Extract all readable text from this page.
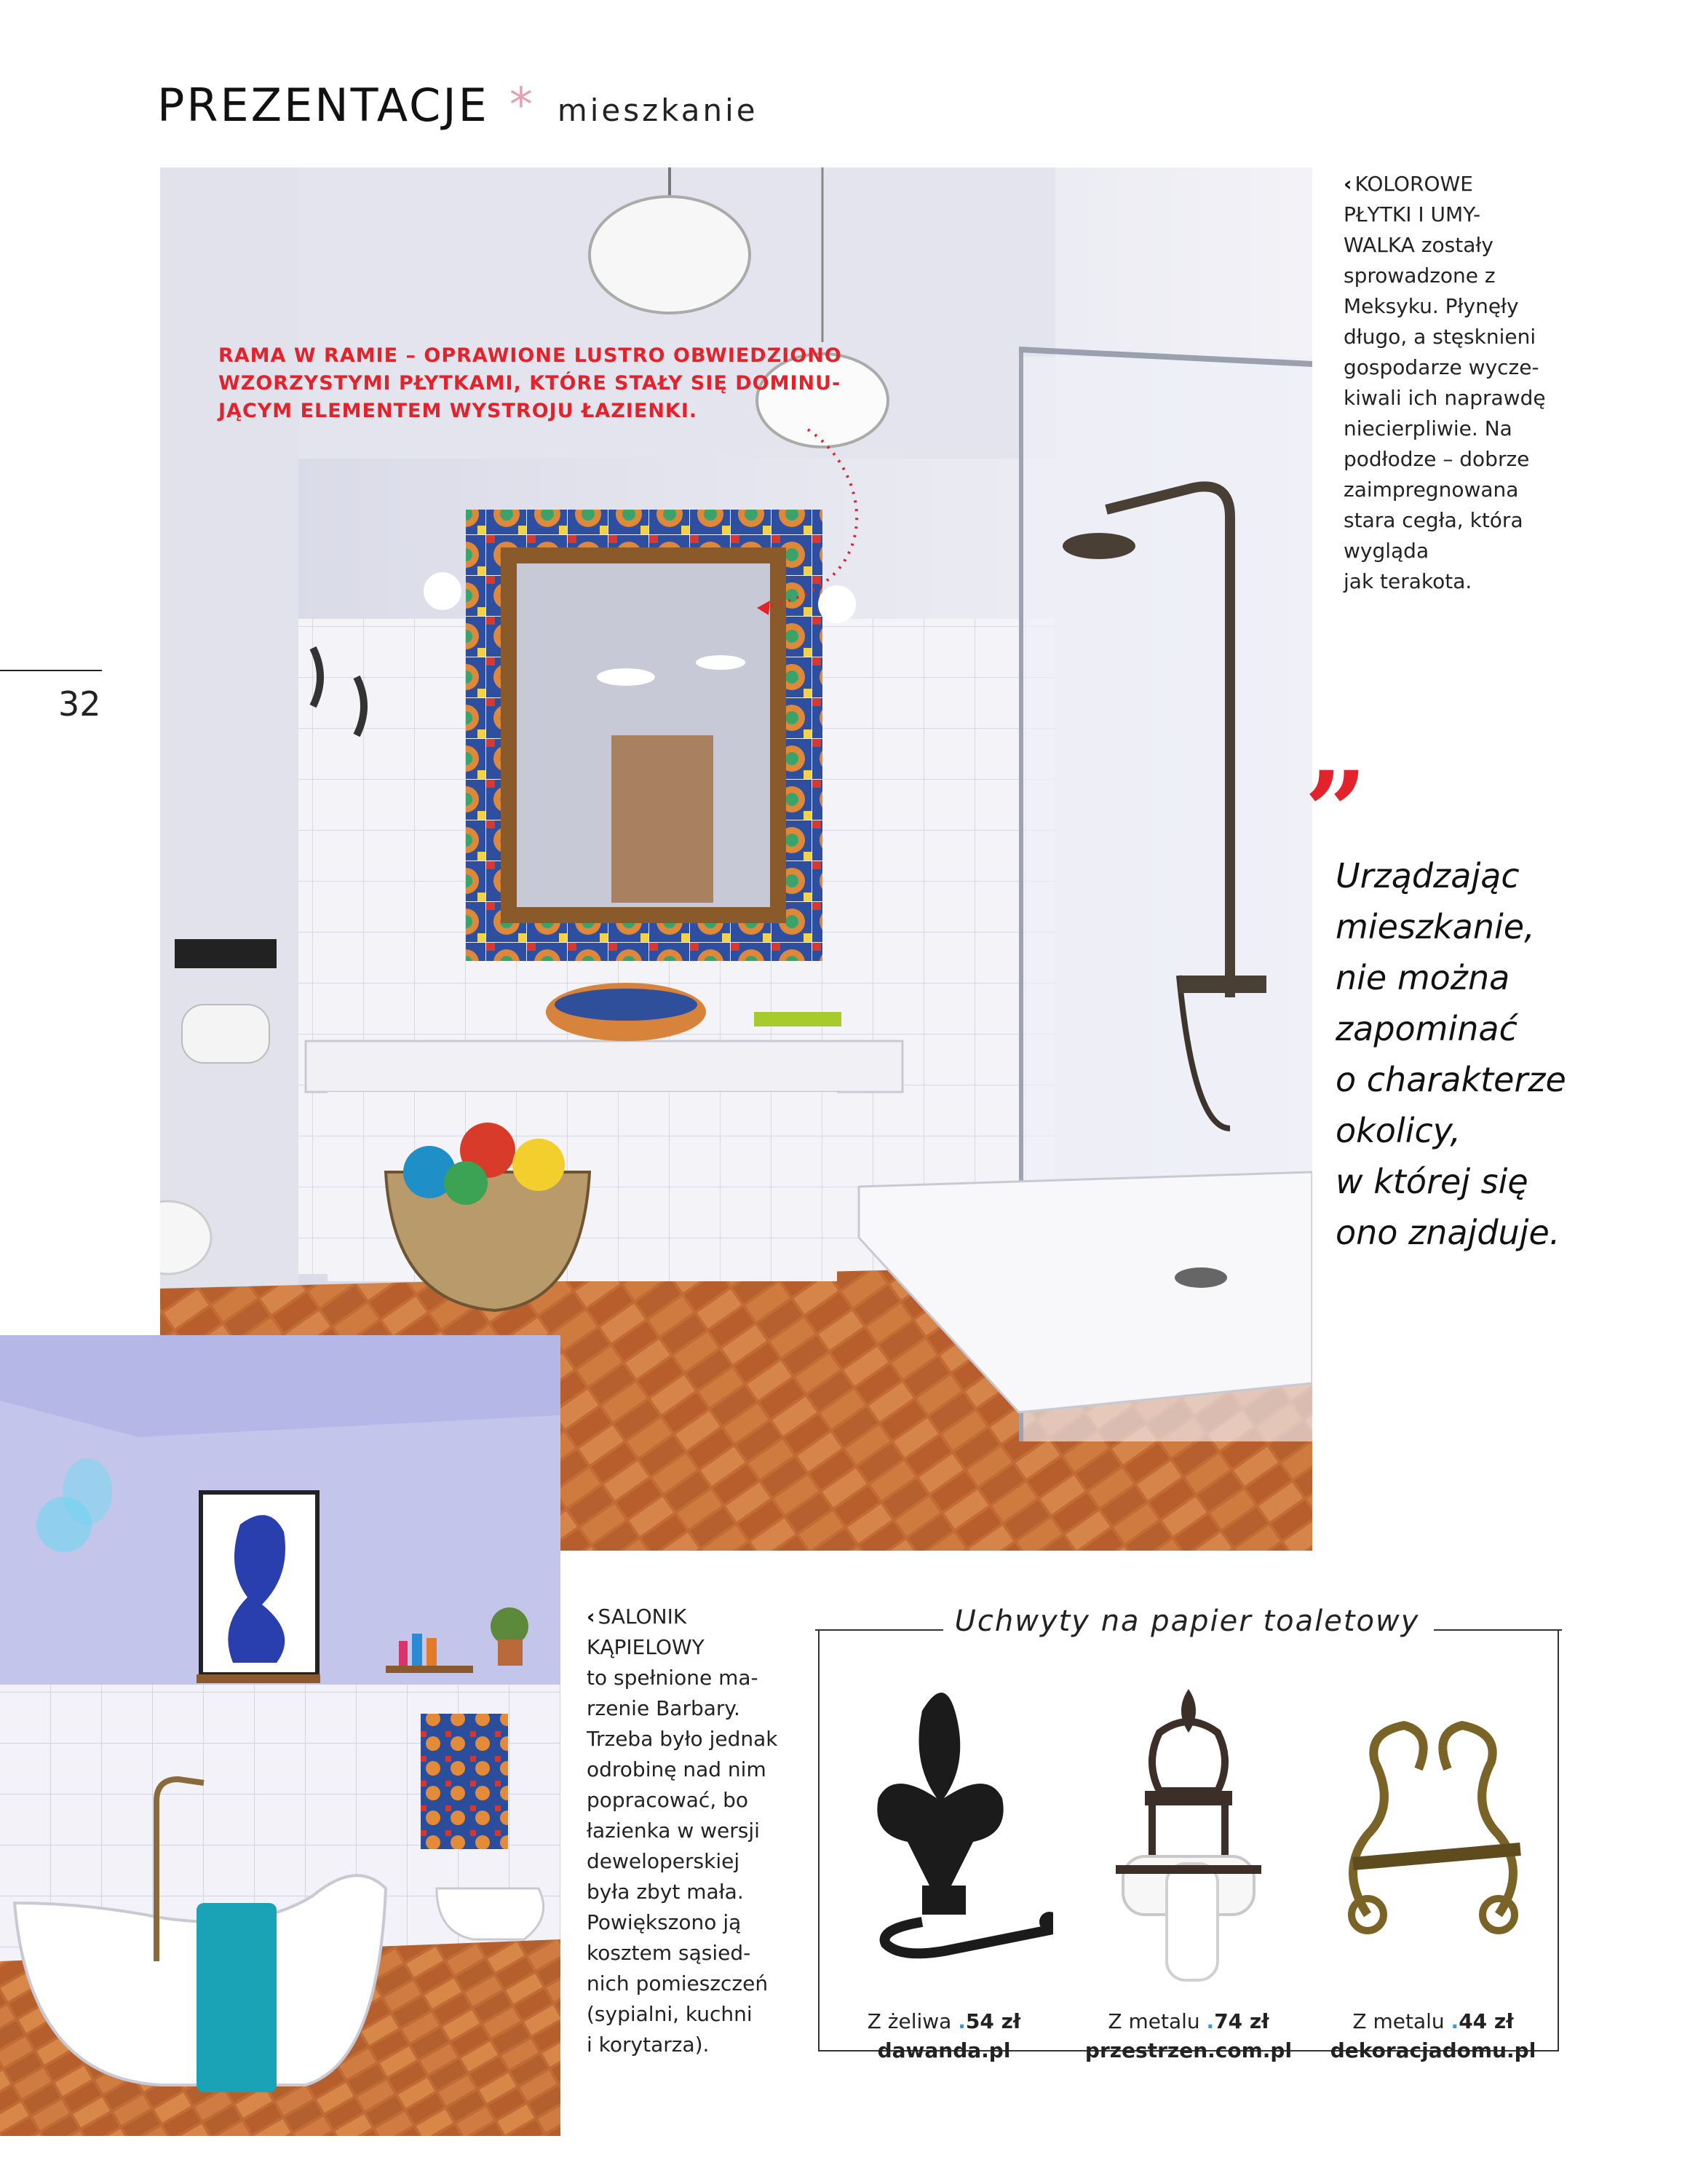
PREZENTACJE * mieszkanie
32
RAMA W RAMIE – OPRAWIONE LUSTRO OBWIEDZIONO
WZORZYSTYMI PŁYTKAMI, KTÓRE STAŁY SIĘ DOMINU-
JĄCYM ELEMENTEM WYSTROJU ŁAZIENKI.
‹ KOLOROWE
PŁYTKI I UMY-
WALKA zostały
sprowadzone z
Meksyku. Płynęły
długo, a stęsknieni
gospodarze wycze-
kiwali ich naprawdę
niecierpliwie. Na
podłodze – dobrze
zaimpregnowana
stara cegła, która
wygląda
jak terakota.
”
Urządzając
mieszkanie,
nie można
zapominać
o charakterze
okolicy,
w której się
ono znajduje.
‹ SALONIK
KĄPIELOWY
to spełnione ma-
rzenie Barbary.
Trzeba było jednak
odrobinę nad nim
popracować, bo
łazienka w wersji
deweloperskiej
była zbyt mała.
Powiększono ją
kosztem sąsied-
nich pomieszczeń
(sypialni, kuchni
i korytarza).
Uchwyty na papier toaletowy
Z żeliwa .54 zł
dawanda.pl
Z metalu .74 zł
przestrzen.com.pl
Z metalu .44 zł
dekoracjadomu.pl
